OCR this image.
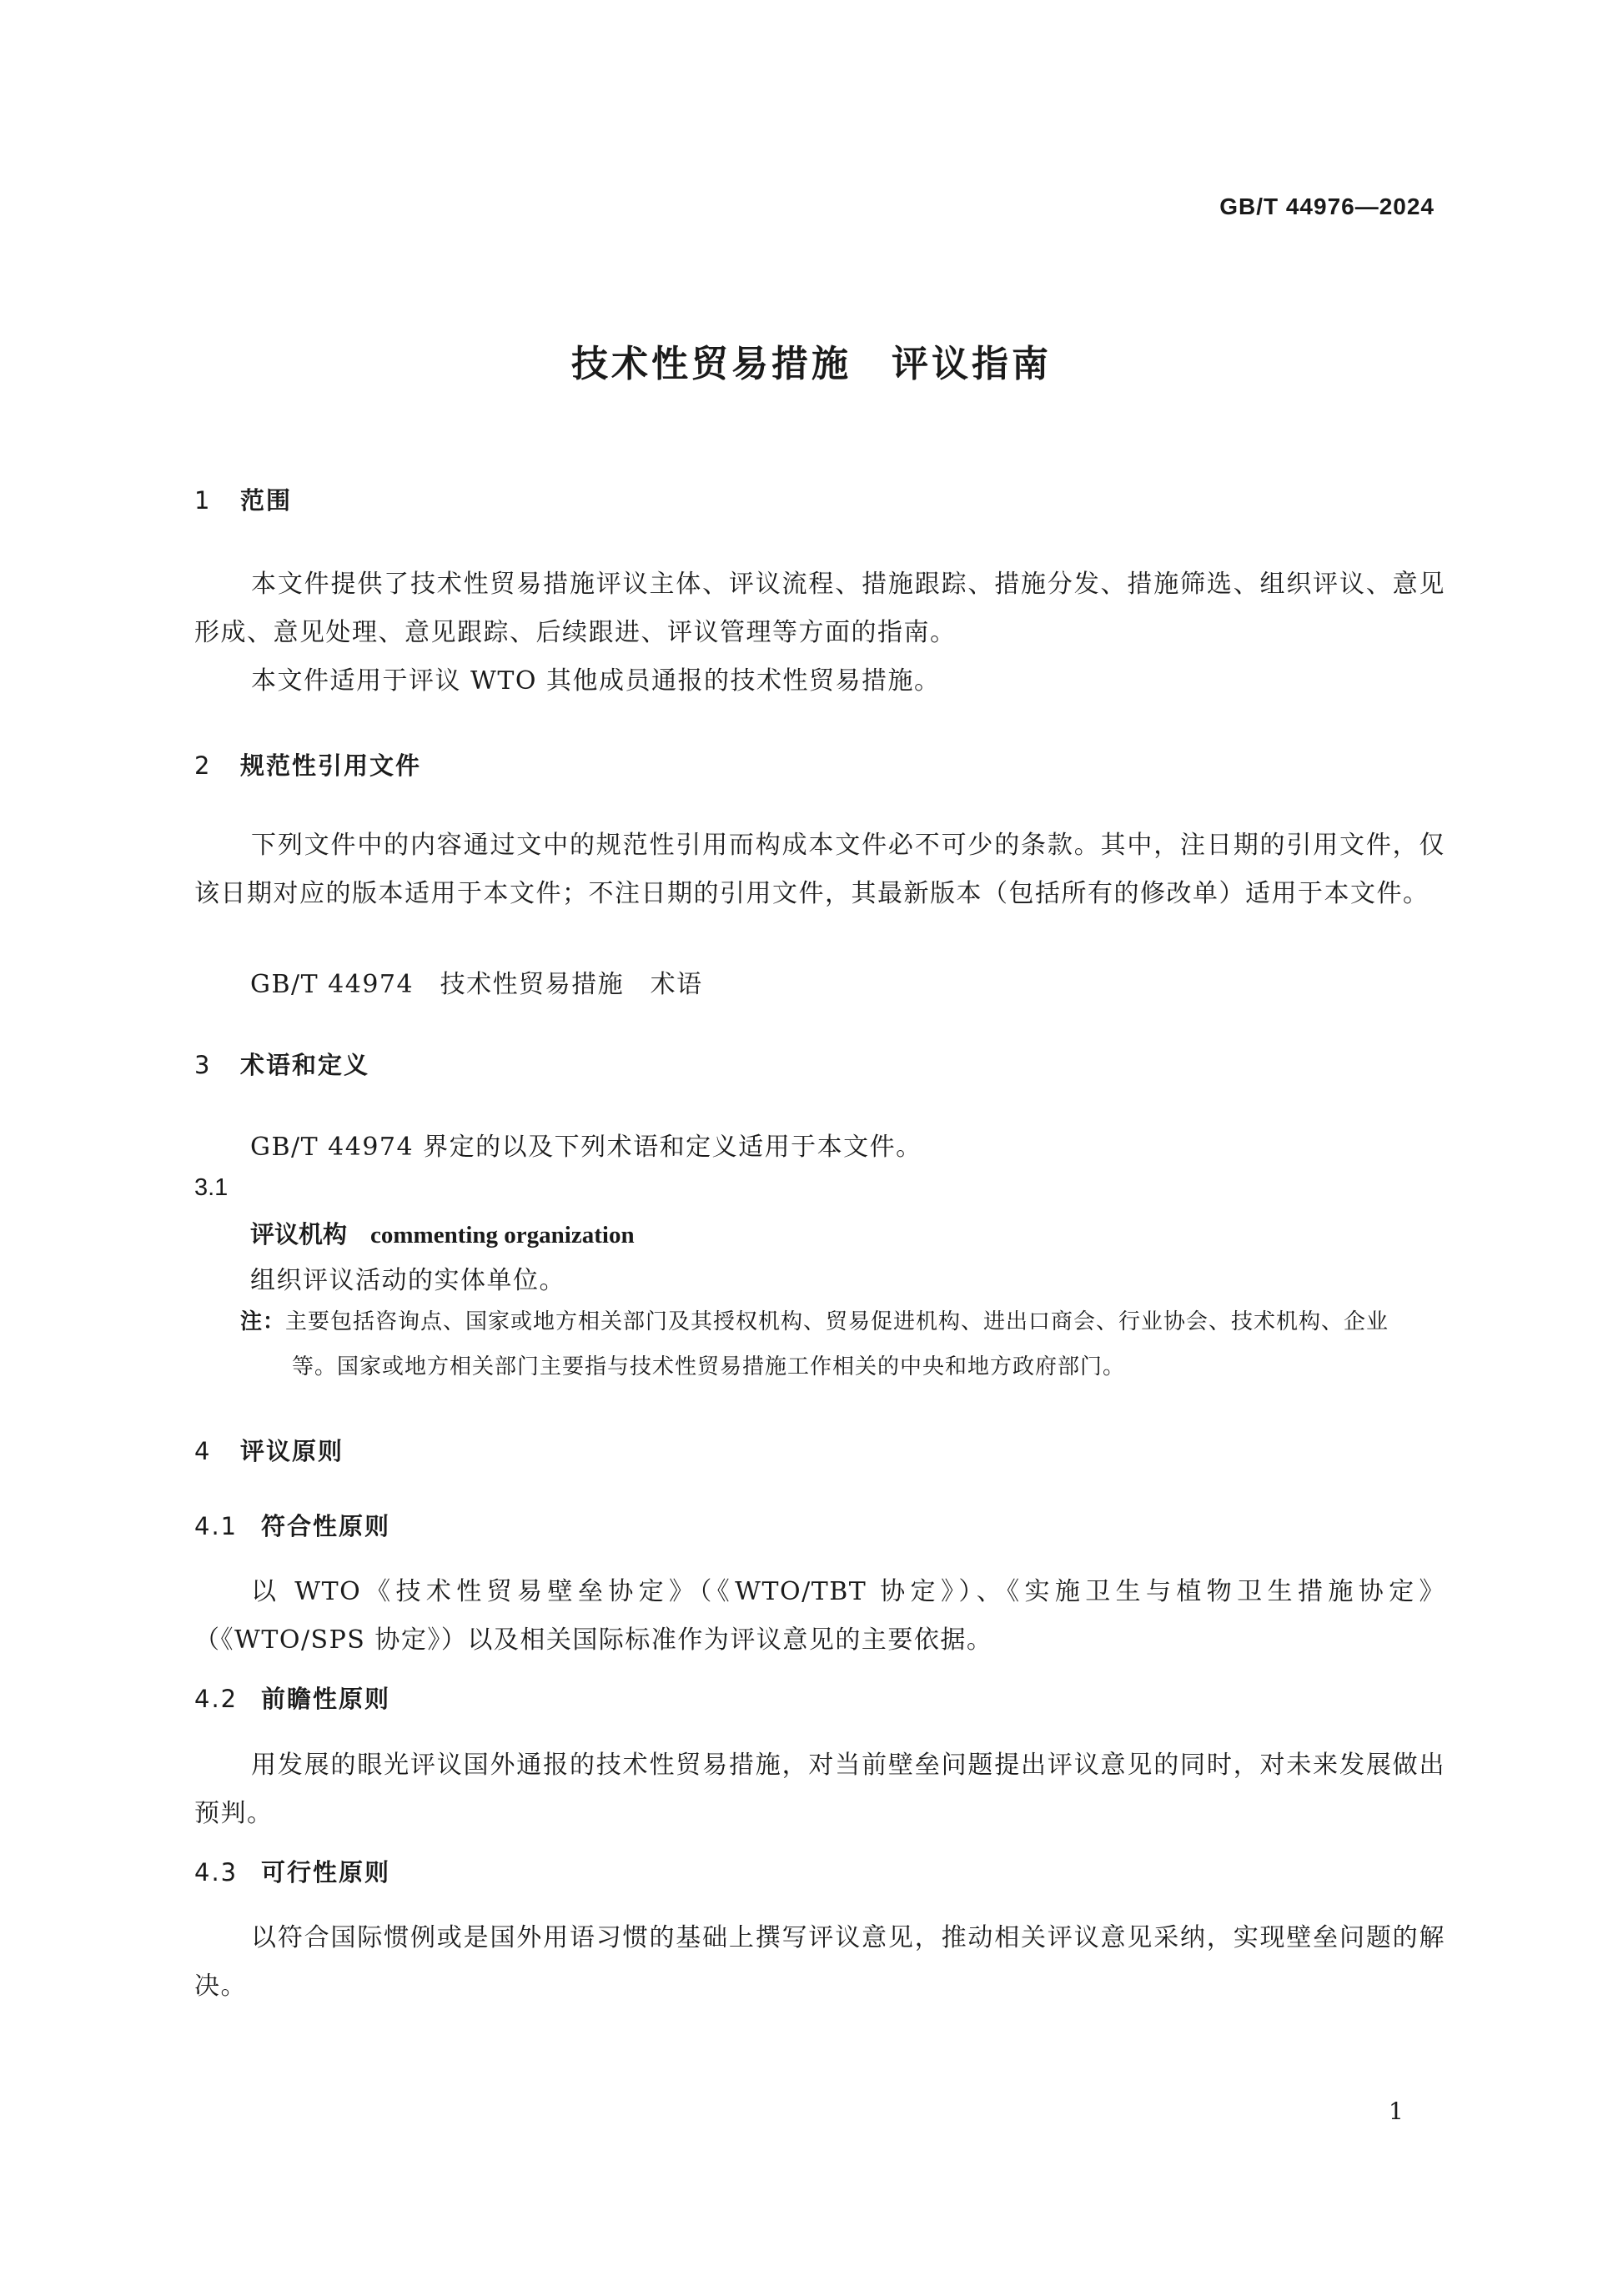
GB/T 44976—2024
技术性贸易措施　评议指南
1 范围
本文件提供了技术性贸易措施评议主体、评议流程、措施跟踪、措施分发、措施筛选、组织评议、意见形成、意见处理、意见跟踪、后续跟进、评议管理等方面的指南。
本文件适用于评议 WTO 其他成员通报的技术性贸易措施。
2 规范性引用文件
下列文件中的内容通过文中的规范性引用而构成本文件必不可少的条款。其中，注日期的引用文件，仅该日期对应的版本适用于本文件；不注日期的引用文件，其最新版本（包括所有的修改单）适用于本文件。
GB/T 44974　技术性贸易措施　术语
3 术语和定义
GB/T 44974 界定的以及下列术语和定义适用于本文件。
3.1
评议机构 commenting organization
组织评议活动的实体单位。
注：主要包括咨询点、国家或地方相关部门及其授权机构、贸易促进机构、进出口商会、行业协会、技术机构、企业
等。国家或地方相关部门主要指与技术性贸易措施工作相关的中央和地方政府部门。
4 评议原则
4.1 符合性原则
以 WTO《技术性贸易壁垒协定》（《WTO/TBT 协定》）、《实施卫生与植物卫生措施协定》（《WTO/SPS 协定》）以及相关国际标准作为评议意见的主要依据。
4.2 前瞻性原则
用发展的眼光评议国外通报的技术性贸易措施，对当前壁垒问题提出评议意见的同时，对未来发展做出预判。
4.3 可行性原则
以符合国际惯例或是国外用语习惯的基础上撰写评议意见，推动相关评议意见采纳，实现壁垒问题的解决。
1
